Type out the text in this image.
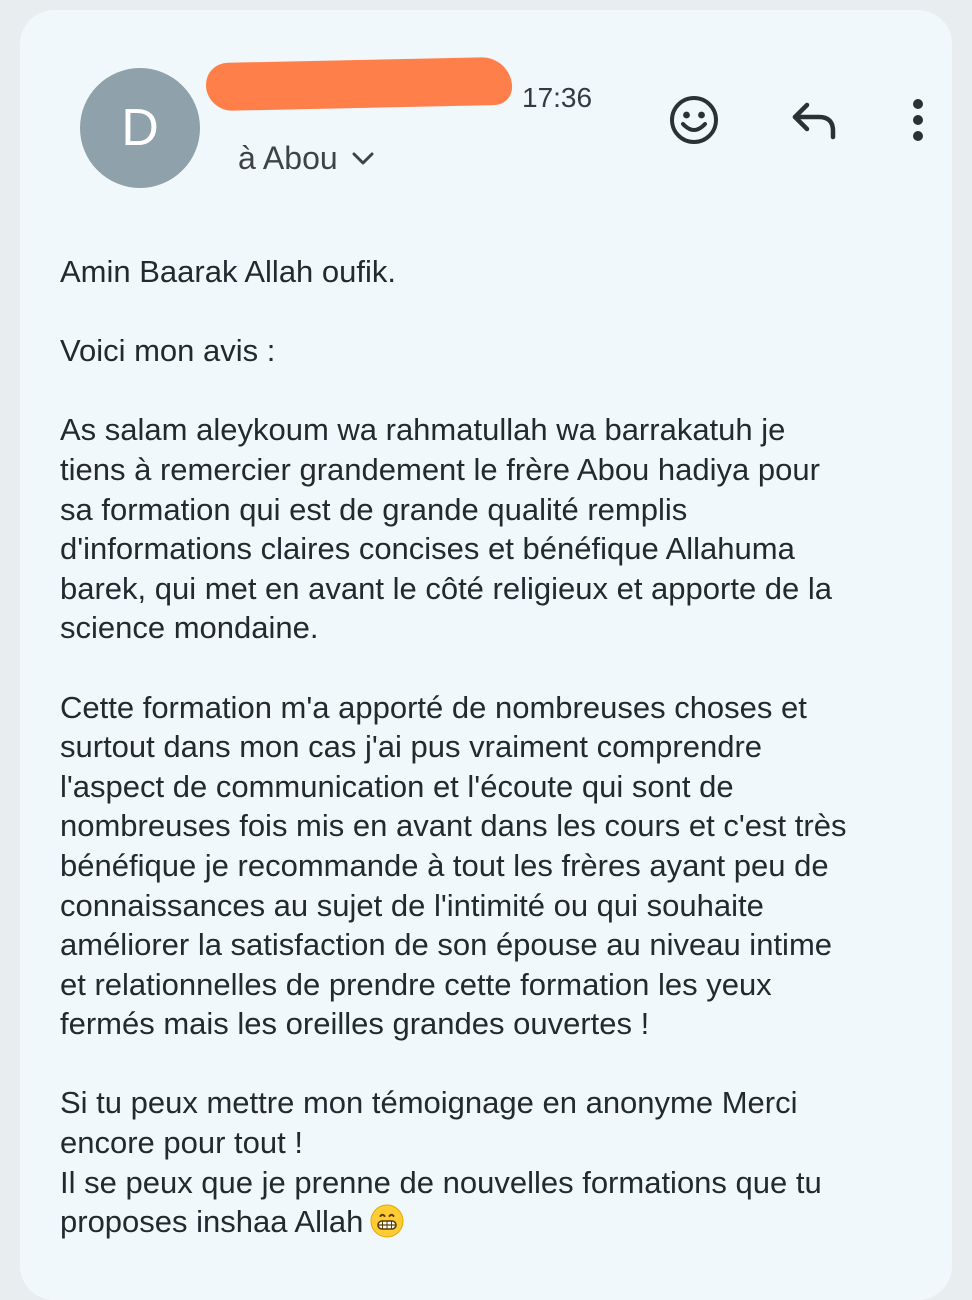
D
17:36
à Abou

Amin Baarak Allah oufik.

Voici mon avis :

As salam aleykoum wa rahmatullah wa barrakatuh je
tiens à remercier grandement le frère Abou hadiya pour
sa formation qui est de grande qualité remplis
d'informations claires concises et bénéfique Allahuma
barek, qui met en avant le côté religieux et apporte de la
science mondaine.

Cette formation m'a apporté de nombreuses choses et
surtout dans mon cas j'ai pus vraiment comprendre
l'aspect de communication et l'écoute qui sont de
nombreuses fois mis en avant dans les cours et c'est très
bénéfique je recommande à tout les frères ayant peu de
connaissances au sujet de l'intimité ou qui souhaite
améliorer la satisfaction de son épouse au niveau intime
et relationnelles de prendre cette formation les yeux
fermés mais les oreilles grandes ouvertes !

Si tu peux mettre mon témoignage en anonyme Merci
encore pour tout !
Il se peux que je prenne de nouvelles formations que tu
proposes inshaa Allah
